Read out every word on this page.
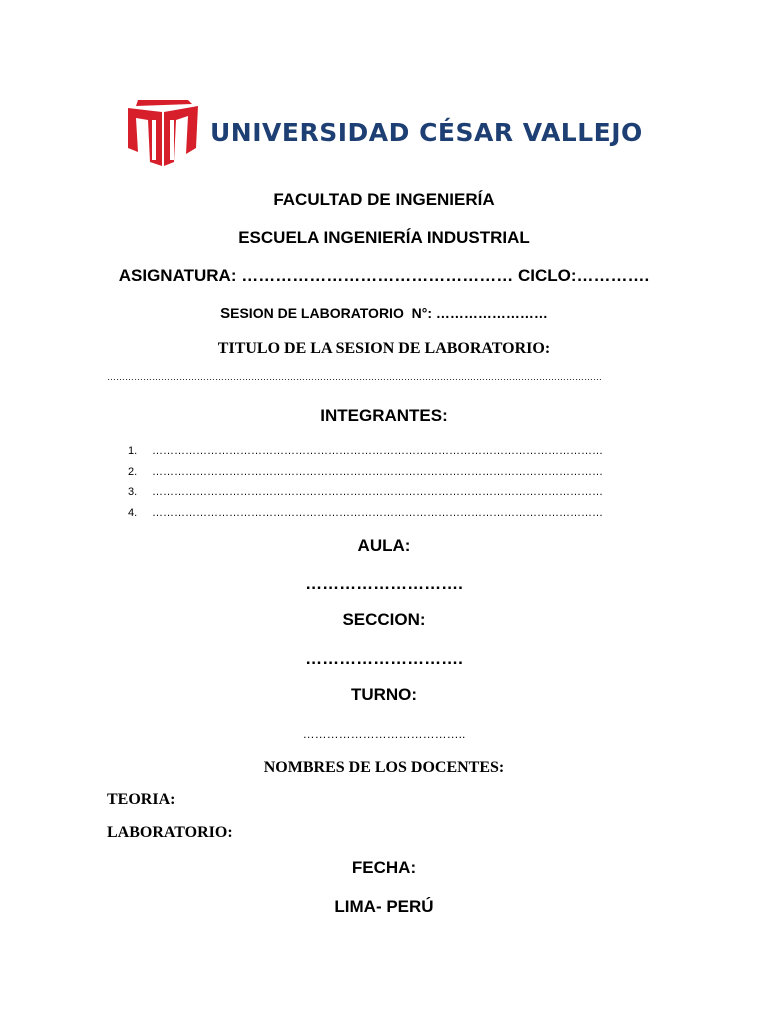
UNIVERSIDAD CÉSAR VALLEJO
FACULTAD DE INGENIERÍA
ESCUELA INGENIERÍA INDUSTRIAL
ASIGNATURA: ………………………………………… CICLO:………….
SESION DE LABORATORIO N°: ……………………
TITULO DE LA SESION DE LABORATORIO:
…………………………………………………………………………………………………………………………………………………
INTEGRANTES:
1. ……………………………………………………………………………………………………………
2. ……………………………………………………………………………………………………………
3. ……………………………………………………………………………………………………………
4. ……………………………………………………………………………………………………………
AULA:
……………………….
SECCION:
……………………….
TURNO:
…………………………………..
NOMBRES DE LOS DOCENTES:
TEORIA:
LABORATORIO:
FECHA:
LIMA- PERÚ
